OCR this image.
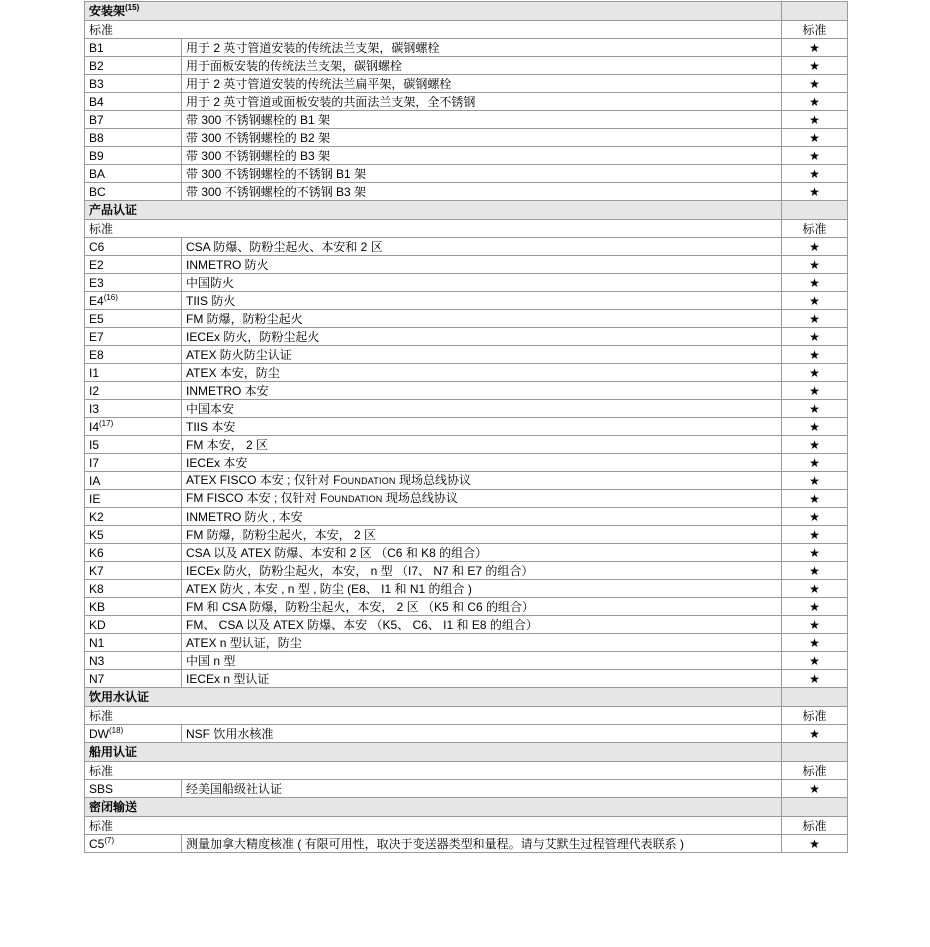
安装架$^{(15)}$	
标准		标准
B1	用于 2 英寸管道安装的传统法兰支架，碳钢螺栓	★
B2	用于面板安装的传统法兰支架，碳钢螺栓	★
B3	用于 2 英寸管道安装的传统法兰扁平架，碳钢螺栓	★
B4	用于 2 英寸管道或面板安装的共面法兰支架，全不锈钢	★
B7	带 300 不锈钢螺栓的 B1 架	★
B8	带 300 不锈钢螺栓的 B2 架	★
B9	带 300 不锈钢螺栓的 B3 架	★
BA	带 300 不锈钢螺栓的不锈钢 B1 架	★
BC	带 300 不锈钢螺栓的不锈钢 B3 架	★
产品认证		
标准		标准
C6	CSA 防爆、防粉尘起火、本安和 2 区	★
E2	INMETRO 防火	★
E3	中国防火	★
E4$^{(16)}$	TIIS 防火	★
E5	FM 防爆，防粉尘起火	★
E7	IECEx 防火，防粉尘起火	★
E8	ATEX 防火防尘认证	★
I1	ATEX 本安，防尘	★
I2	INMETRO 本安	★
I3	中国本安	★
I4$^{(17)}$	TIIS 本安	★
I5	FM 本安， 2 区	★
I7	IECEx 本安	★
IA	ATEX FISCO 本安 ; 仅针对 FOUNDATION 现场总线协议	★
IE	FM FISCO 本安 ; 仅针对 FOUNDATION 现场总线协议	★
K2	INMETRO 防火 , 本安	★
K5	FM 防爆，防粉尘起火，本安， 2 区	★
K6	CSA 以及 ATEX 防爆、本安和 2 区 （C6 和 K8 的组合）	★
K7	IECEx 防火，防粉尘起火，本安， n 型 （I7、 N7 和 E7 的组合）	★
K8	ATEX 防火 , 本安 , n 型 , 防尘 (E8、 I1 和 N1 的组合 )	★
KB	FM 和 CSA 防爆，防粉尘起火，本安， 2 区 （K5 和 C6 的组合）	★
KD	FM、 CSA 以及 ATEX 防爆、本安 （K5、 C6、 I1 和 E8 的组合）	★
N1	ATEX n 型认证，防尘	★
N3	中国 n 型	★
N7	IECEx n 型认证	★
饮用水认证		
标准		标准
DW$^{(18)}$	NSF 饮用水核准	★
船用认证		
标准		标准
SBS	经美国船级社认证	★
密闭输送		
标准		标准
C5$^{(7)}$	测量加拿大精度核准 ( 有限可用性，取决于变送器类型和量程。请与艾默生过程管理代表联系 )	★
